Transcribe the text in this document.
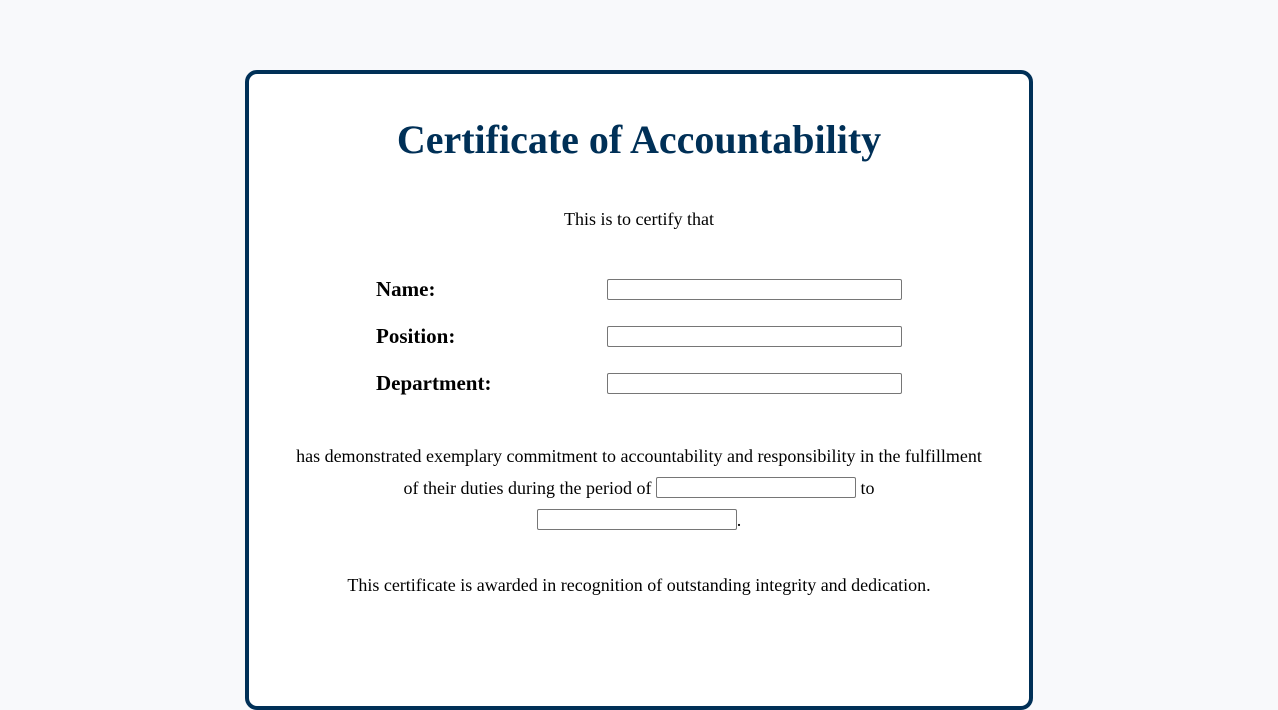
Certificate of Accountability
This is to certify that
Name:
Position:
Department:
has demonstrated exemplary commitment to accountability and responsibility in the fulfillment of their duties during the period of	to
.
This certificate is awarded in recognition of outstanding integrity and dedication.
